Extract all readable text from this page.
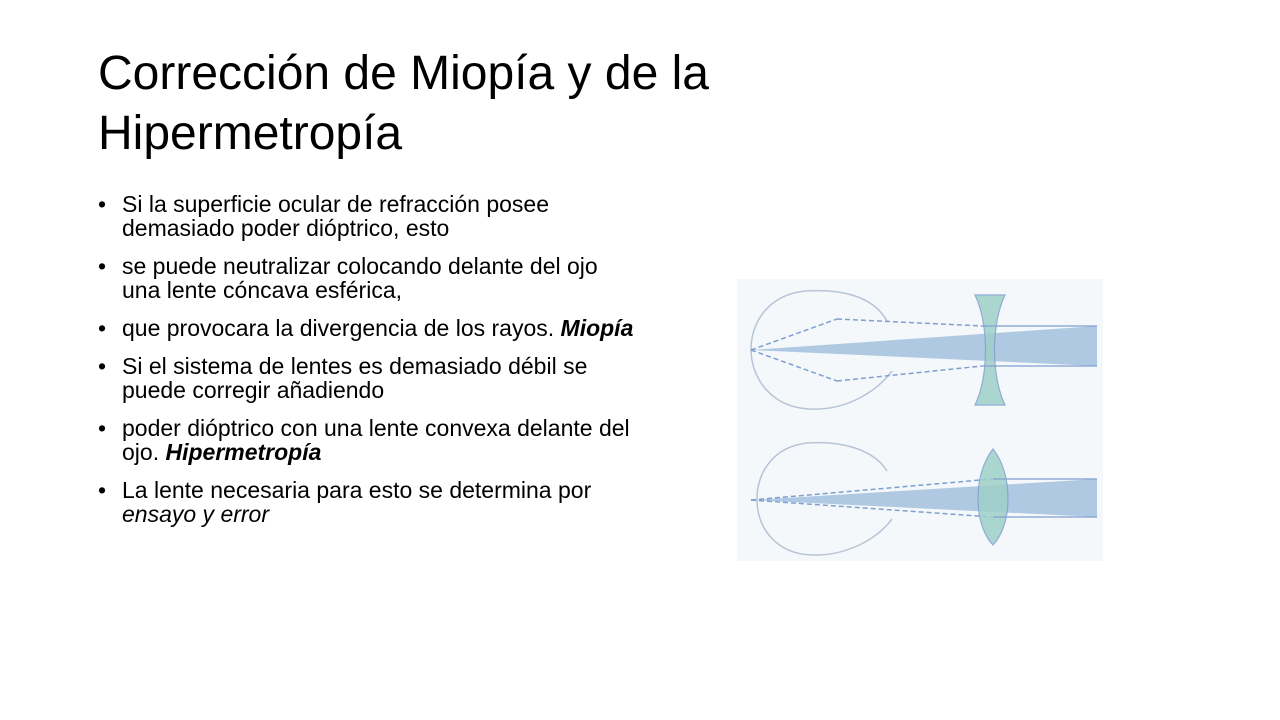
Corrección de Miopía y de la Hipermetropía
• Si la superficie ocular de refracción posee demasiado poder dióptrico, esto
• se puede neutralizar colocando delante del ojo una lente cóncava esférica,
• que provocara la divergencia de los rayos. Miopía
• Si el sistema de lentes es demasiado débil se puede corregir añadiendo
• poder dióptrico con una lente convexa delante del ojo. Hipermetropía
• La lente necesaria para esto se determina por ensayo y error
